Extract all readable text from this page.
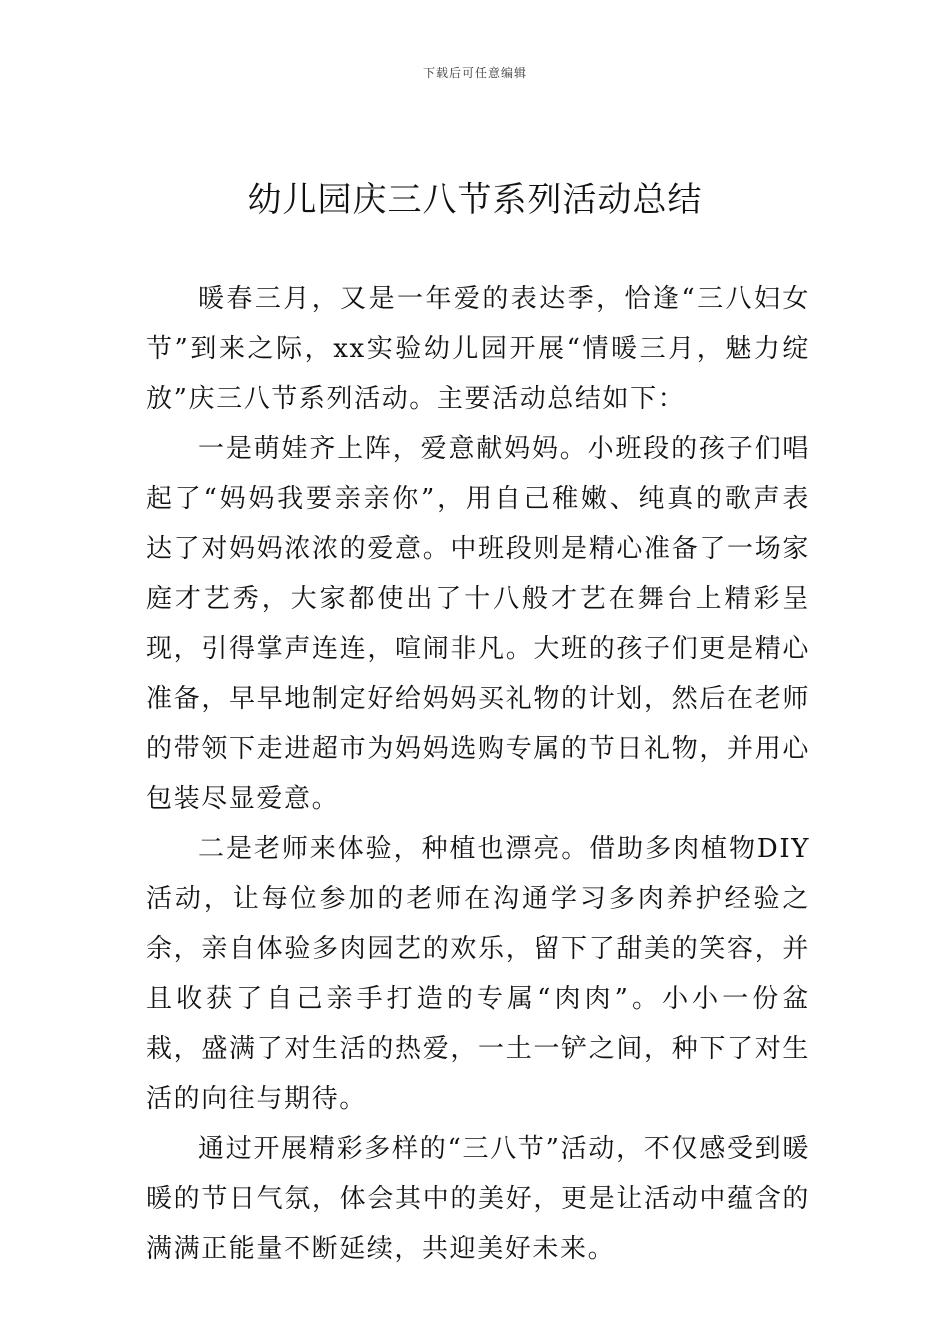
下载后可任意编辑
幼儿园庆三八节系列活动总结

暖春三月，又是一年爱的表达季，恰逢“三八妇女节”到来之际，xx实验幼儿园开展“情暖三月，魅力绽放”庆三八节系列活动。主要活动总结如下：

一是萌娃齐上阵，爱意献妈妈。小班段的孩子们唱起了“妈妈我要亲亲你”，用自己稚嫩、纯真的歌声表达了对妈妈浓浓的爱意。中班段则是精心准备了一场家庭才艺秀，大家都使出了十八般才艺在舞台上精彩呈现，引得掌声连连，喧闹非凡。大班的孩子们更是精心准备，早早地制定好给妈妈买礼物的计划，然后在老师的带领下走进超市为妈妈选购专属的节日礼物，并用心包装尽显爱意。

二是老师来体验，种植也漂亮。借助多肉植物DIY活动，让每位参加的老师在沟通学习多肉养护经验之余，亲自体验多肉园艺的欢乐，留下了甜美的笑容，并且收获了自己亲手打造的专属“肉肉”。小小一份盆栽，盛满了对生活的热爱，一土一铲之间，种下了对生活的向往与期待。

通过开展精彩多样的“三八节”活动，不仅感受到暖暖的节日气氛，体会其中的美好，更是让活动中蕴含的满满正能量不断延续，共迎美好未来。
